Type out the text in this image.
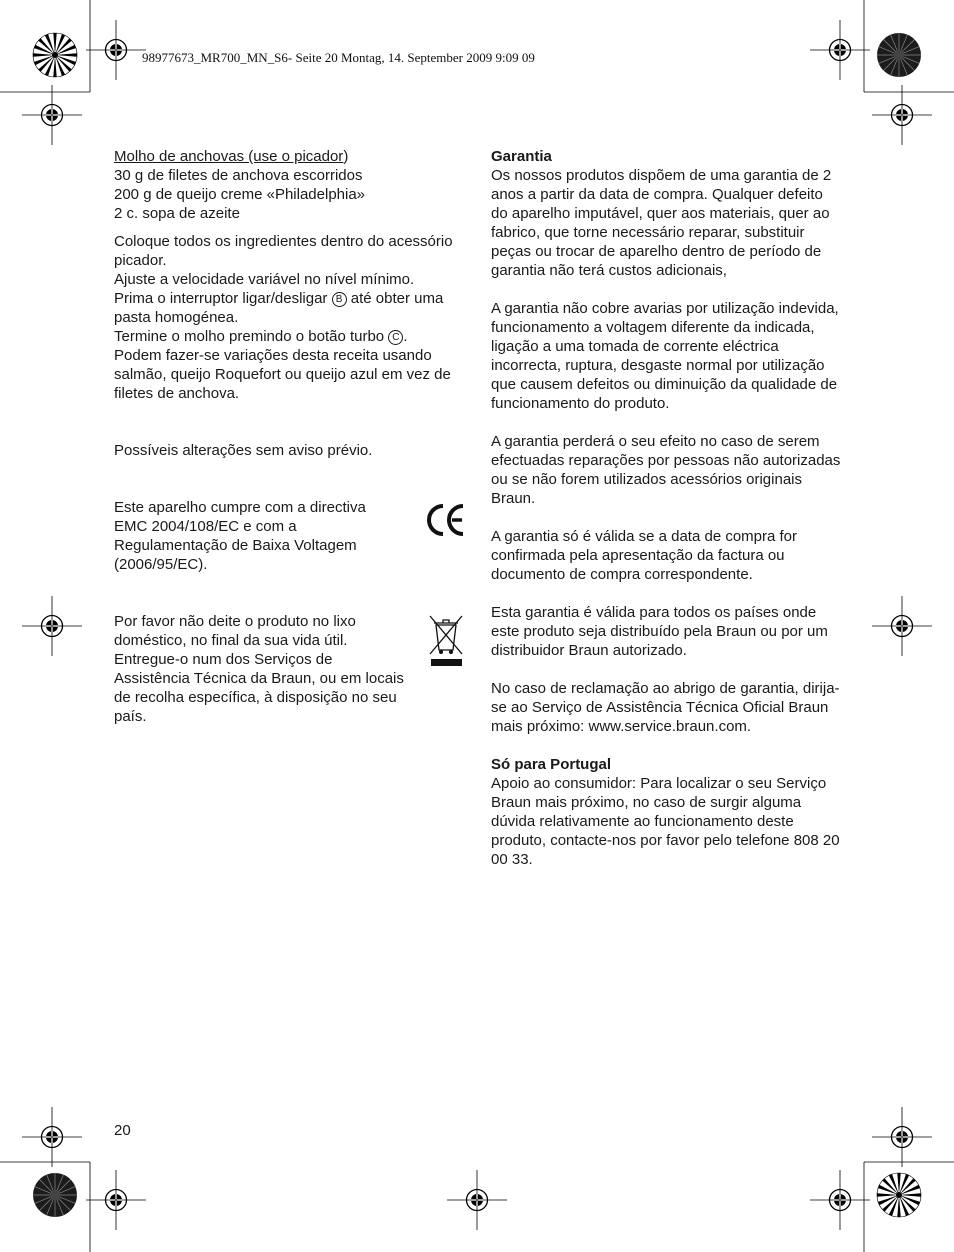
98977673_MR700_MN_S6- Seite 20 Montag, 14. September 2009 9:09 09

Molho de anchovas (use o picador)

30 g de filetes de anchova escorridos

200 g de queijo creme «Philadelphia»

2 c. sopa de azeite

Coloque todos os ingredientes dentro do acessório picador.

Ajuste a velocidade variável no nível mínimo.

Prima o interruptor ligar/desligar B até obter uma pasta homogénea.

Termine o molho premindo o botão turbo C .

Podem fazer-se variações desta receita usando salmão, queijo Roquefort ou queijo azul em vez de filetes de anchova.

Possíveis alterações sem aviso prévio.

Este aparelho cumpre com a directiva EMC 2004/108/EC e com a Regulamentação de Baixa Voltagem (2006/95/EC).

Por favor não deite o produto no lixo doméstico, no final da sua vida útil. Entregue-o num dos Serviços de Assistência Técnica da Braun, ou em locais de recolha específica, à disposição no seu país.

Garantia

Os nossos produtos dispõem de uma garantia de 2 anos a partir da data de compra. Qualquer defeito do aparelho imputável, quer aos materiais, quer ao fabrico, que torne necessário reparar, substituir peças ou trocar de aparelho dentro de período de garantia não terá custos adicionais,

A garantia não cobre avarias por utilização indevida, funcionamento a voltagem diferente da indicada, ligação a uma tomada de corrente eléctrica incorrecta, ruptura, desgaste normal por utilização que causem defeitos ou diminuição da qualidade de funcionamento do produto.

A garantia perderá o seu efeito no caso de serem efectuadas reparações por pessoas não autorizadas ou se não forem utilizados acessórios originais Braun.

A garantia só é válida se a data de compra for confirmada pela apresentação da factura ou documento de compra correspondente.

Esta garantia é válida para todos os países onde este produto seja distribuído pela Braun ou por um distribuidor Braun autorizado.

No caso de reclamação ao abrigo de garantia, dirija-se ao Serviço de Assistência Técnica Oficial Braun mais próximo: www.service.braun.com.

Só para Portugal

Apoio ao consumidor: Para localizar o seu Serviço Braun mais próximo, no caso de surgir alguma dúvida relativamente ao funcionamento deste produto, contacte-nos por favor pelo telefone 808 20 00 33.

20
